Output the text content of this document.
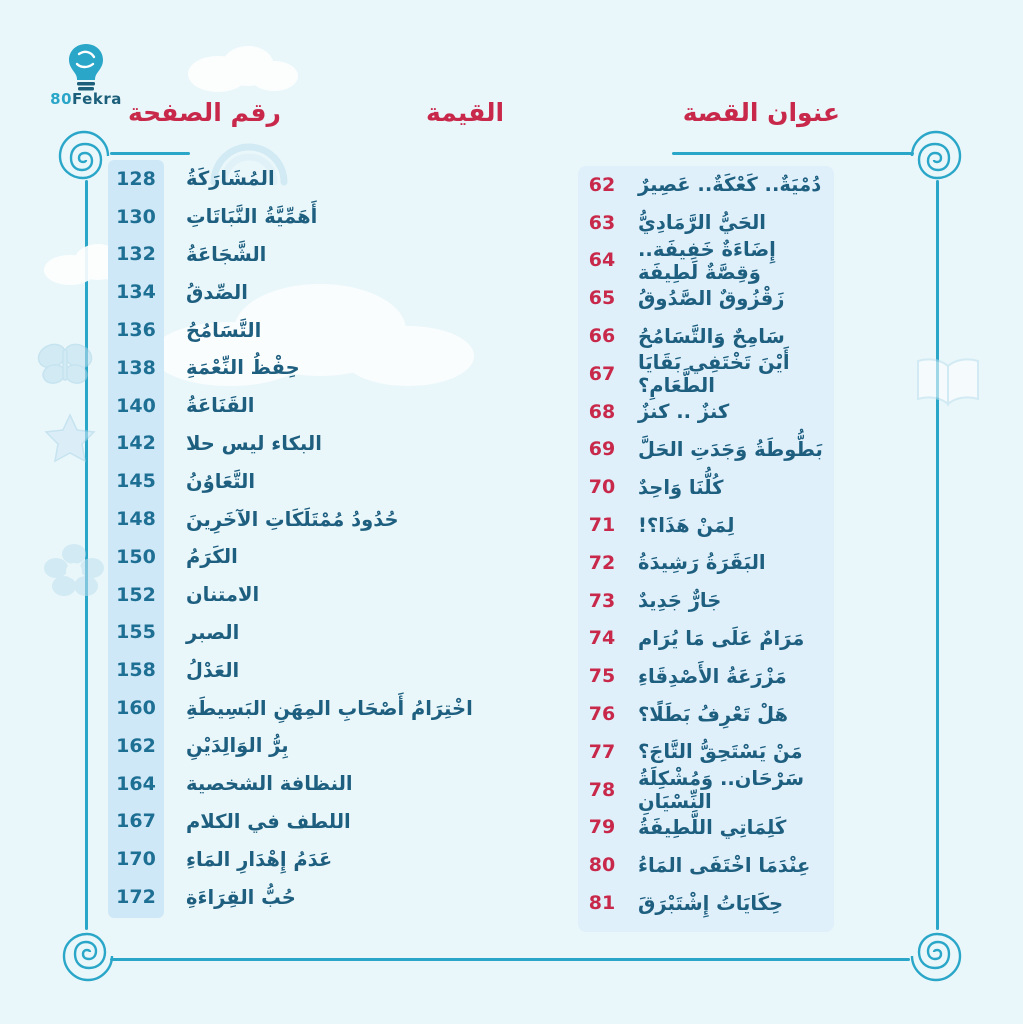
80Fekra رقم الصفحة	القيمة	عنوان القصة
المُشَارَكَةُ
128
أَهَمِّيَّةُ النَّبَاتَاتِ
130
الشَّجَاعَةُ
132
الصِّدقُ
134
التَّسَامُحُ
136
حِفْظُ النِّعْمَةِ
138
القَنَاعَةُ
140
البكاء ليس حلا
142
التَّعَاوُنُ
145
حُدُودُ مُمْتَلَكَاتِ الآخَرِينَ
148
الكَرَمُ
150
الامتنان
152
الصبر
155
العَدْلُ
158
اخْتِرَامُ أَصْحَابِ المِهَنِ البَسِيطَةِ
160
بِرُّ الوَالِدَيْنِ
162
النظافة الشخصية
164
اللطف في الكلام
167
عَدَمُ إِهْدَارِ المَاءِ
170
حُبُّ القِرَاءَةِ
172
دُمْيَةٌ.. كَعْكَةٌ.. عَصِيرٌ
62
الحَيُّ الرَّمَادِيُّ
63
إِضَاءَةٌ خَفِيفَة.. وَقِصَّةٌ لَطِيفَة
64
زَقْزُوقٌ الصَّدُوقُ
65
سَامِحٌ وَالتَّسَامُحُ
66
أَيْنَ تَخْتَفِي بَقَايَا الطَّعَامِ؟
67
كنزٌ .. كنزٌ
68
بَطُّوطَةُ وَجَدَتِ الحَلَّ
69
كُلُّنَا وَاحِدٌ
70
لِمَنْ هَذَا؟!
71
البَقَرَةُ رَشِيدَةُ
72
جَارٌّ جَدِيدٌ
73
مَرَامٌ عَلَى مَا يُرَام
74
مَزْرَعَةُ الأَصْدِقَاءِ
75
هَلْ تَعْرِفُ بَطَلًا؟
76
مَنْ يَسْتَحِقُّ التَّاجَ؟
77
سَرْحَان.. وَمُشْكِلَةُ النِّسْيَانِ
78
كَلِمَاتِي اللَّطِيفَةُ
79
عِنْدَمَا اخْتَفَى المَاءُ
80
حِكَايَاتُ إِشْتَبْرَقَ
81
